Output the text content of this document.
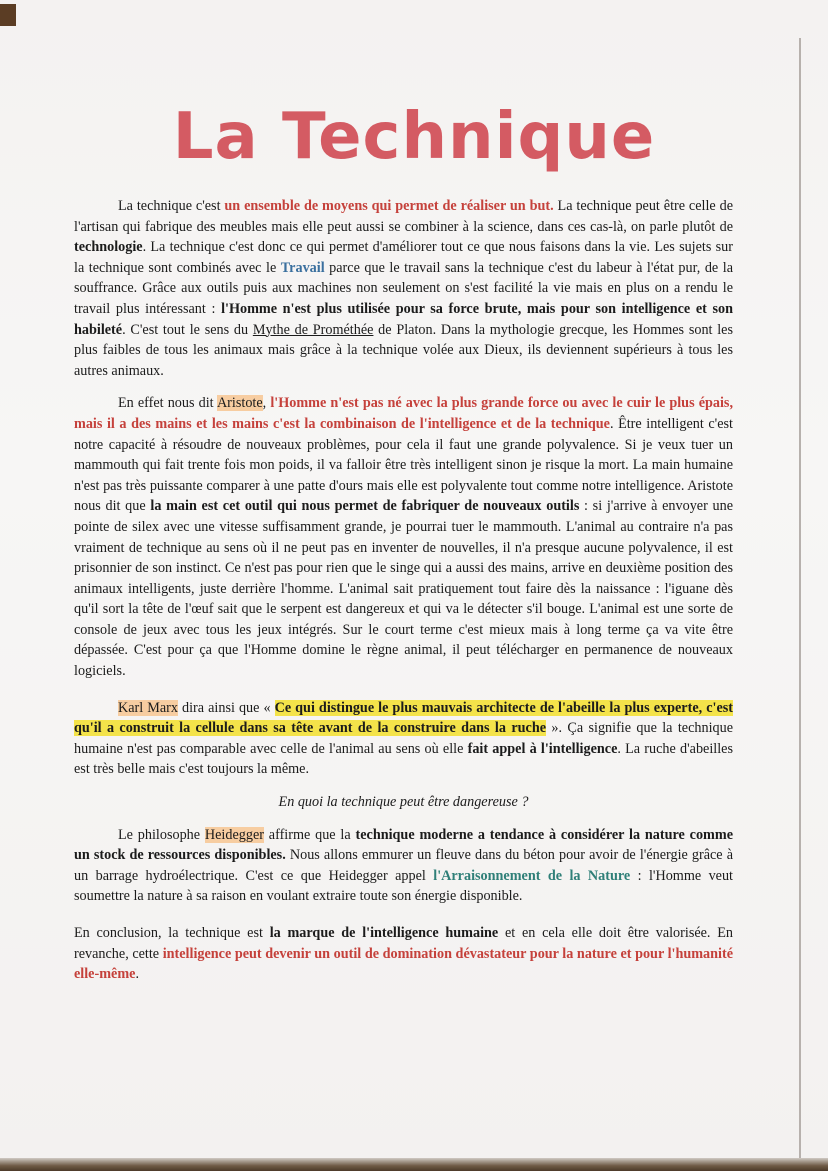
La Technique

La technique c'est un ensemble de moyens qui permet de réaliser un but. La technique peut être celle de l'artisan qui fabrique des meubles mais elle peut aussi se combiner à la science, dans ces cas-là, on parle plutôt de technologie. La technique c'est donc ce qui permet d'améliorer tout ce que nous faisons dans la vie. Les sujets sur la technique sont combinés avec le Travail parce que le travail sans la technique c'est du labeur à l'état pur, de la souffrance. Grâce aux outils puis aux machines non seulement on s'est facilité la vie mais en plus on a rendu le travail plus intéressant : l'Homme n'est plus utilisée pour sa force brute, mais pour son intelligence et son habileté. C'est tout le sens du Mythe de Prométhée de Platon. Dans la mythologie grecque, les Hommes sont les plus faibles de tous les animaux mais grâce à la technique volée aux Dieux, ils deviennent supérieurs à tous les autres animaux.

En effet nous dit Aristote, l'Homme n'est pas né avec la plus grande force ou avec le cuir le plus épais, mais il a des mains et les mains c'est la combinaison de l'intelligence et de la technique. Être intelligent c'est notre capacité à résoudre de nouveaux problèmes, pour cela il faut une grande polyvalence. Si je veux tuer un mammouth qui fait trente fois mon poids, il va falloir être très intelligent sinon je risque la mort. La main humaine n'est pas très puissante comparer à une patte d'ours mais elle est polyvalente tout comme notre intelligence. Aristote nous dit que la main est cet outil qui nous permet de fabriquer de nouveaux outils : si j'arrive à envoyer une pointe de silex avec une vitesse suffisamment grande, je pourrai tuer le mammouth. L'animal au contraire n'a pas vraiment de technique au sens où il ne peut pas en inventer de nouvelles, il n'a presque aucune polyvalence, il est prisonnier de son instinct. Ce n'est pas pour rien que le singe qui a aussi des mains, arrive en deuxième position des animaux intelligents, juste derrière l'homme. L'animal sait pratiquement tout faire dès la naissance : l'iguane dès qu'il sort la tête de l'œuf sait que le serpent est dangereux et qui va le détecter s'il bouge. L'animal est une sorte de console de jeux avec tous les jeux intégrés. Sur le court terme c'est mieux mais à long terme ça va vite être dépassée. C'est pour ça que l'Homme domine le règne animal, il peut télécharger en permanence de nouveaux logiciels.

Karl Marx dira ainsi que « Ce qui distingue le plus mauvais architecte de l'abeille la plus experte, c'est qu'il a construit la cellule dans sa tête avant de la construire dans la ruche ». Ça signifie que la technique humaine n'est pas comparable avec celle de l'animal au sens où elle fait appel à l'intelligence. La ruche d'abeilles est très belle mais c'est toujours la même.

En quoi la technique peut être dangereuse ?

Le philosophe Heidegger affirme que la technique moderne a tendance à considérer la nature comme un stock de ressources disponibles. Nous allons emmurer un fleuve dans du béton pour avoir de l'énergie grâce à un barrage hydroélectrique. C'est ce que Heidegger appel l'Arraisonnement de la Nature : l'Homme veut soumettre la nature à sa raison en voulant extraire toute son énergie disponible.

En conclusion, la technique est la marque de l'intelligence humaine et en cela elle doit être valorisée. En revanche, cette intelligence peut devenir un outil de domination dévastateur pour la nature et pour l'humanité elle-même.
